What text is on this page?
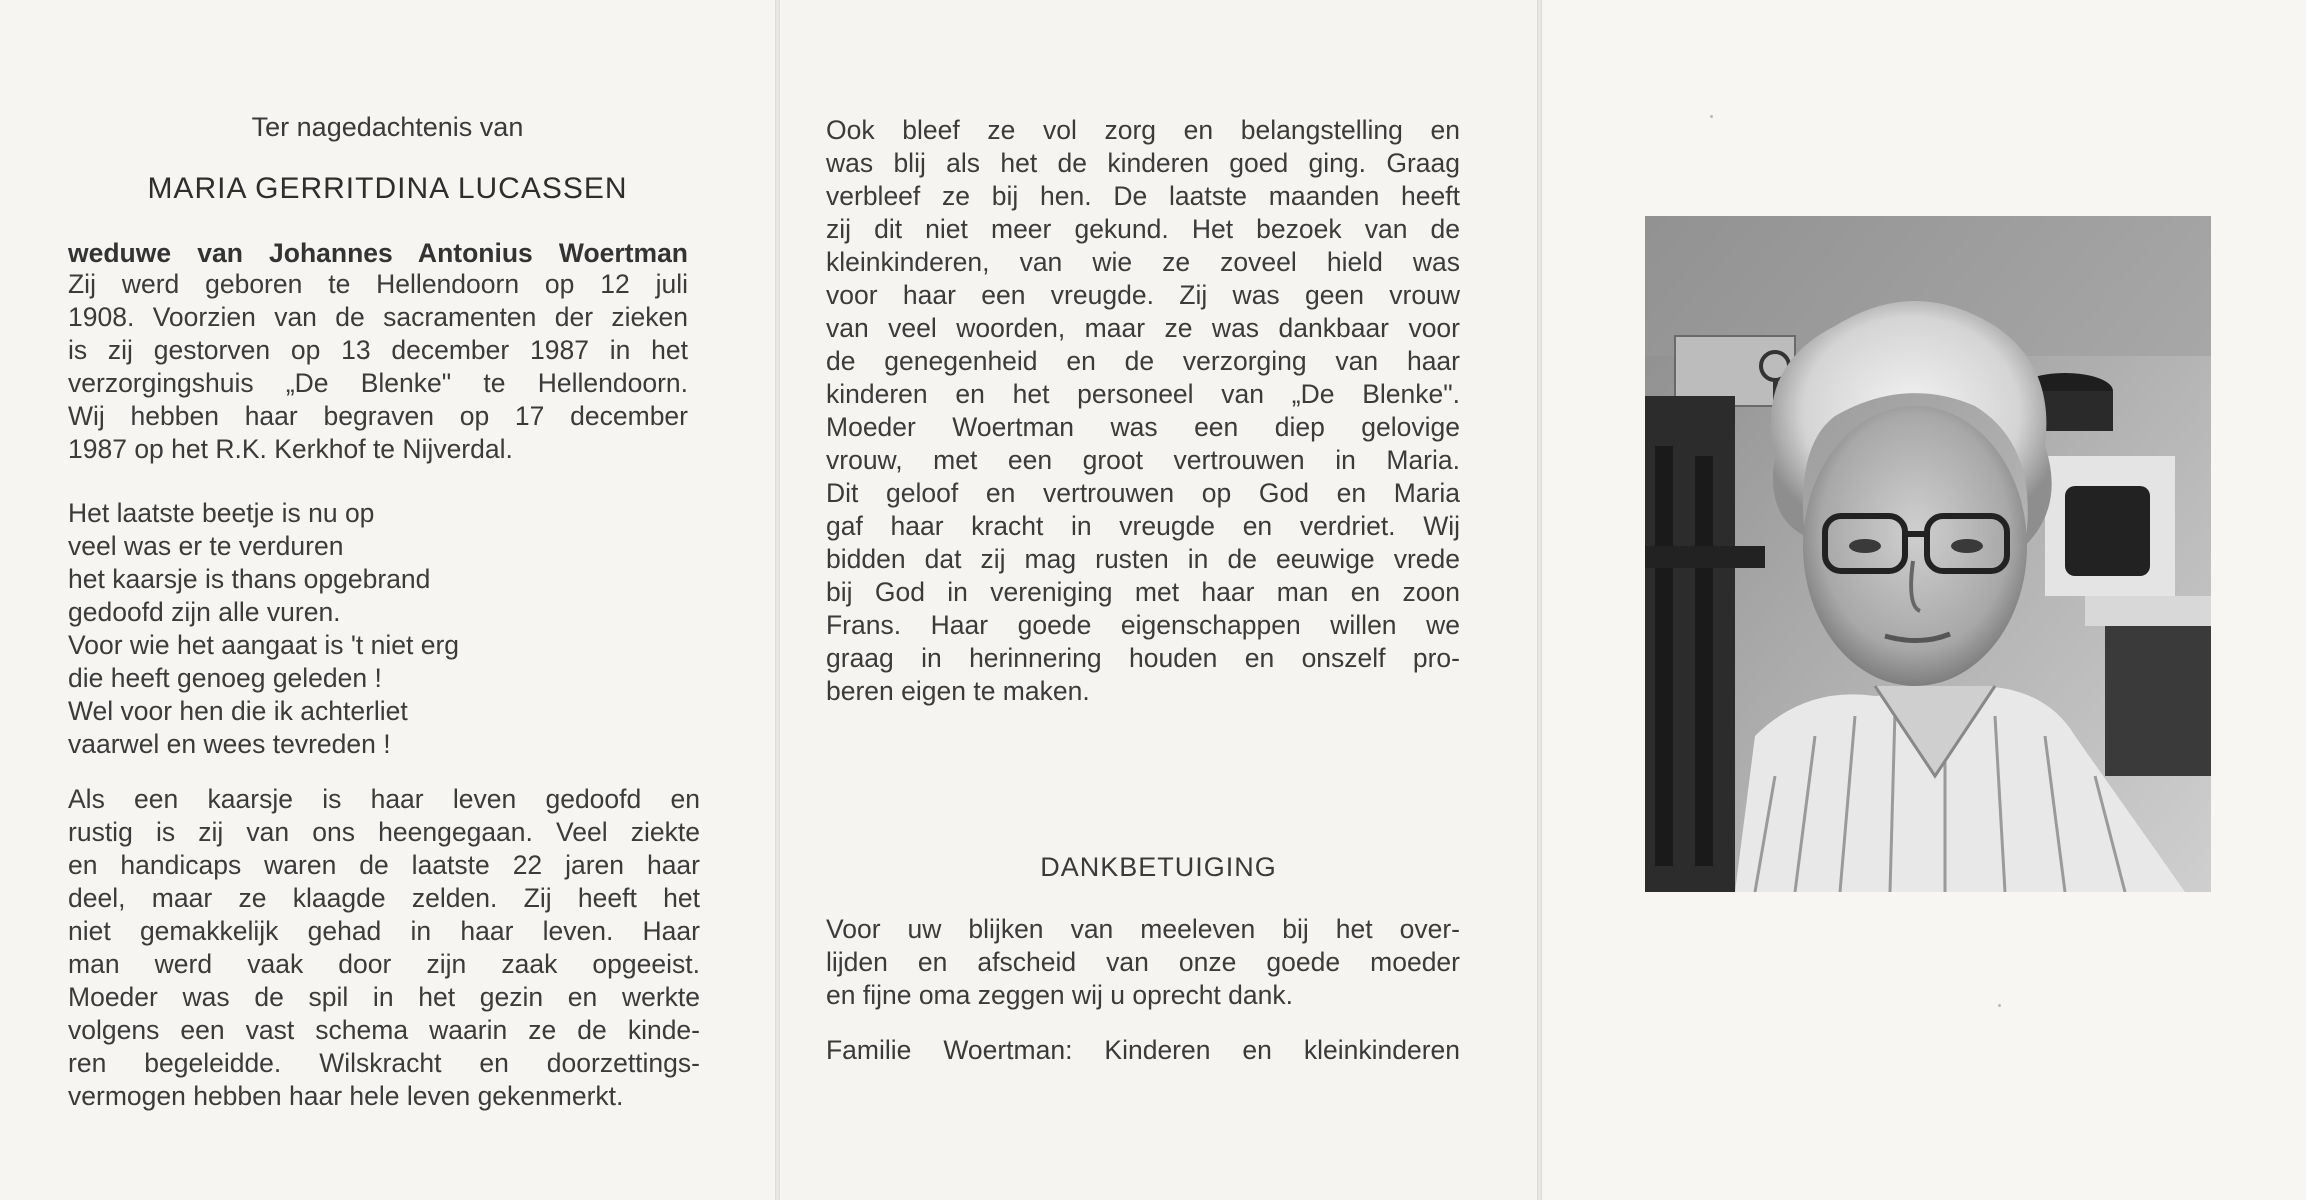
Ter nagedachtenis van
MARIA GERRITDINA LUCASSEN
weduwe van Johannes Antonius Woertman
Zij werd geboren te Hellendoorn op 12 juli
1908. Voorzien van de sacramenten der zieken
is zij gestorven op 13 december 1987 in het
verzorgingshuis „De Blenke" te Hellendoorn.
Wij hebben haar begraven op 17 december
1987 op het R.K. Kerkhof te Nijverdal.
Het laatste beetje is nu op
veel was er te verduren
het kaarsje is thans opgebrand
gedoofd zijn alle vuren.
Voor wie het aangaat is 't niet erg
die heeft genoeg geleden !
Wel voor hen die ik achterliet
vaarwel en wees tevreden !
Als een kaarsje is haar leven gedoofd en
rustig is zij van ons heengegaan. Veel ziekte
en handicaps waren de laatste 22 jaren haar
deel, maar ze klaagde zelden. Zij heeft het
niet gemakkelijk gehad in haar leven. Haar
man werd vaak door zijn zaak opgeeist.
Moeder was de spil in het gezin en werkte
volgens een vast schema waarin ze de kinde-
ren begeleidde. Wilskracht en doorzettings-
vermogen hebben haar hele leven gekenmerkt.
Ook bleef ze vol zorg en belangstelling en
was blij als het de kinderen goed ging. Graag
verbleef ze bij hen. De laatste maanden heeft
zij dit niet meer gekund. Het bezoek van de
kleinkinderen, van wie ze zoveel hield was
voor haar een vreugde. Zij was geen vrouw
van veel woorden, maar ze was dankbaar voor
de genegenheid en de verzorging van haar
kinderen en het personeel van „De Blenke".
Moeder Woertman was een diep gelovige
vrouw, met een groot vertrouwen in Maria.
Dit geloof en vertrouwen op God en Maria
gaf haar kracht in vreugde en verdriet. Wij
bidden dat zij mag rusten in de eeuwige vrede
bij God in vereniging met haar man en zoon
Frans. Haar goede eigenschappen willen we
graag in herinnering houden en onszelf pro-
beren eigen te maken.
DANKBETUIGING
Voor uw blijken van meeleven bij het over-
lijden en afscheid van onze goede moeder
en fijne oma zeggen wij u oprecht dank.
Familie Woertman: Kinderen en kleinkinderen
